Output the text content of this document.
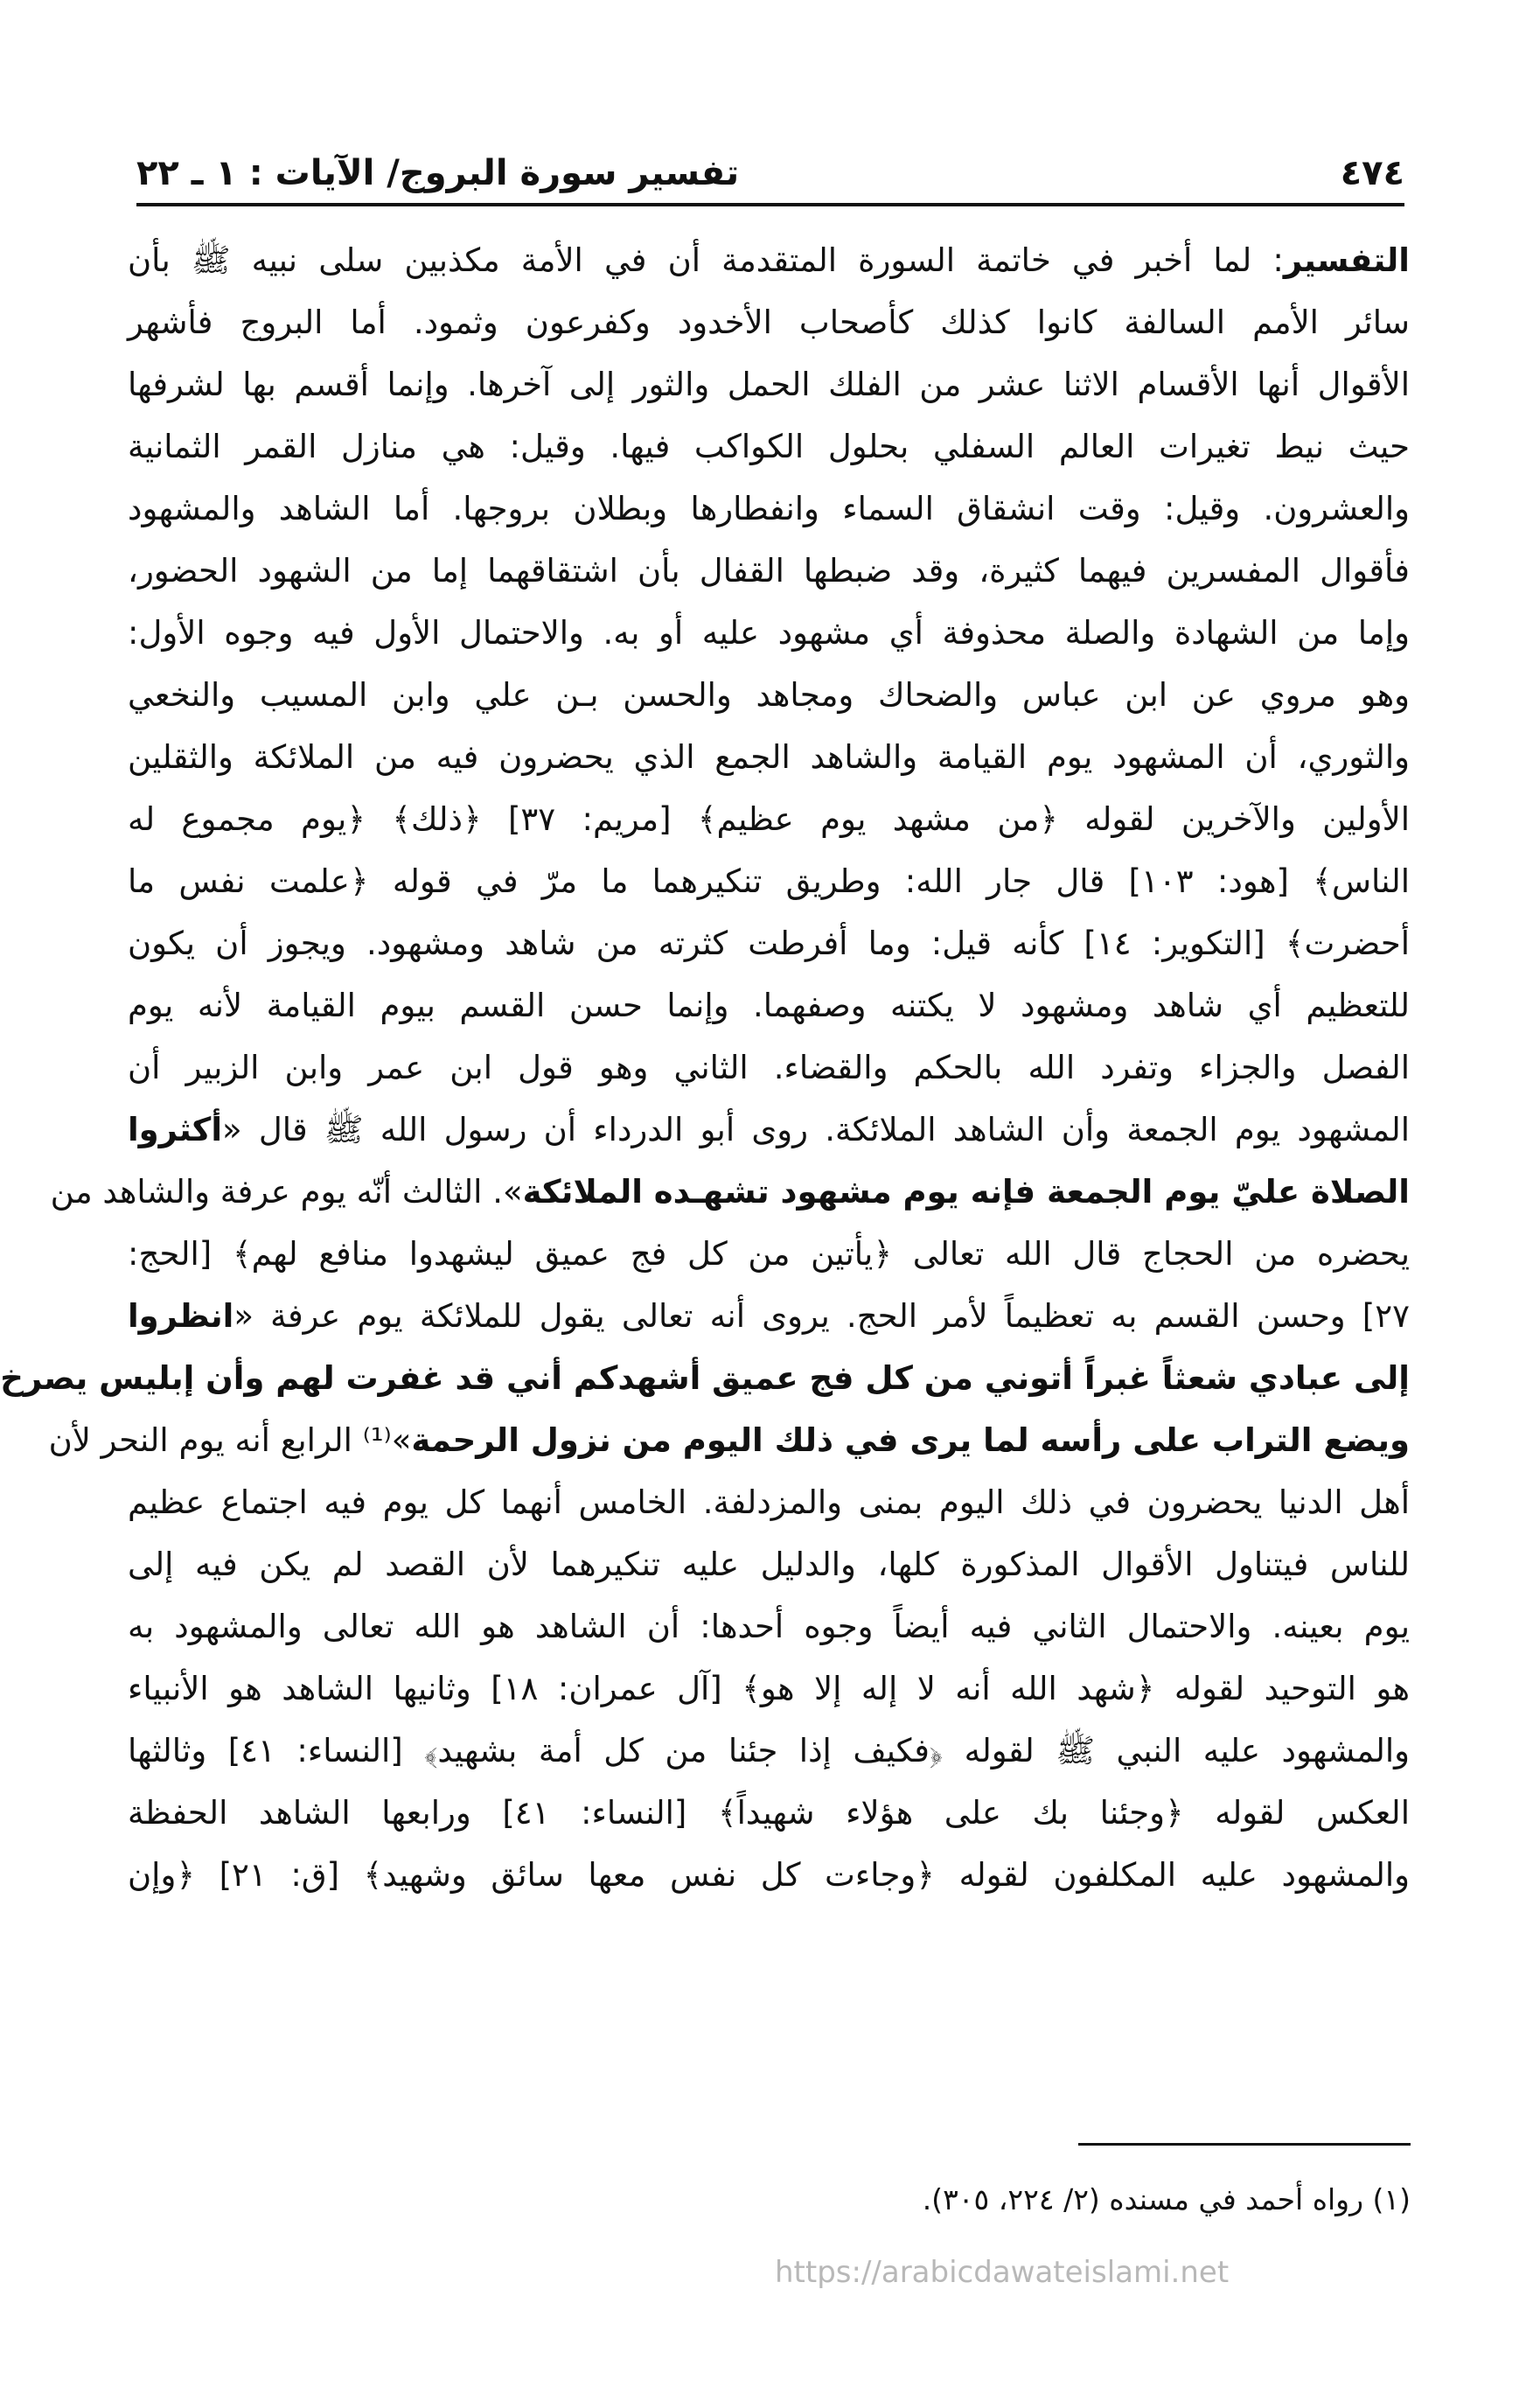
٤٧٤
تفسير سورة البروج/ الآيات : ١ ـ ٢٢
التفسير: لما أخبر في خاتمة السورة المتقدمة أن في الأمة مكذبين سلى نبيه ﷺ بأن
سائر الأمم السالفة كانوا كذلك كأصحاب الأخدود وكفرعون وثمود. أما البروج فأشهر
الأقوال أنها الأقسام الاثنا عشر من الفلك الحمل والثور إلى آخرها. وإنما أقسم بها لشرفها
حيث نيط تغيرات العالم السفلي بحلول الكواكب فيها. وقيل: هي منازل القمر الثمانية
والعشرون. وقيل: وقت انشقاق السماء وانفطارها وبطلان بروجها. أما الشاهد والمشهود
فأقوال المفسرين فيهما كثيرة، وقد ضبطها القفال بأن اشتقاقهما إما من الشهود الحضور،
وإما من الشهادة والصلة محذوفة أي مشهود عليه أو به. والاحتمال الأول فيه وجوه الأول:
وهو مروي عن ابن عباس والضحاك ومجاهد والحسن بـن علي وابن المسيب والنخعي
والثوري، أن المشهود يوم القيامة والشاهد الجمع الذي يحضرون فيه من الملائكة والثقلين
الأولين والآخرين لقوله ﴿من مشهد يوم عظيم﴾ [مريم: ٣٧] ﴿ذلك﴾ ﴿يوم مجموع له
الناس﴾ [هود: ١٠٣] قال جار الله: وطريق تنكيرهما ما مرّ في قوله ﴿علمت نفس ما
أحضرت﴾ [التكوير: ١٤] كأنه قيل: وما أفرطت كثرته من شاهد ومشهود. ويجوز أن يكون
للتعظيم أي شاهد ومشهود لا يكتنه وصفهما. وإنما حسن القسم بيوم القيامة لأنه يوم
الفصل والجزاء وتفرد الله بالحكم والقضاء. الثاني وهو قول ابن عمر وابن الزبير أن
المشهود يوم الجمعة وأن الشاهد الملائكة. روى أبو الدرداء أن رسول الله ﷺ قال «أكثروا
الصلاة عليّ يوم الجمعة فإنه يوم مشهود تشهـده الملائكة». الثالث أنّه يوم عرفة والشاهد من
يحضره من الحجاج قال الله تعالى ﴿يأتين من كل فج عميق ليشهدوا منافع لهم﴾ [الحج:
٢٧] وحسن القسم به تعظيماً لأمر الحج. يروى أنه تعالى يقول للملائكة يوم عرفة «انظروا
إلى عبادي شعثاً غبراً أتوني من كل فج عميق أشهدكم أني قد غفرت لهم وأن إبليس يصرخ
ويضع التراب على رأسه لما يرى في ذلك اليوم من نزول الرحمة»⁽¹⁾ الرابع أنه يوم النحر لأن
أهل الدنيا يحضرون في ذلك اليوم بمنى والمزدلفة. الخامس أنهما كل يوم فيه اجتماع عظيم
للناس فيتناول الأقوال المذكورة كلها، والدليل عليه تنكيرهما لأن القصد لم يكن فيه إلى
يوم بعينه. والاحتمال الثاني فيه أيضاً وجوه أحدها: أن الشاهد هو الله تعالى والمشهود به
هو التوحيد لقوله ﴿شهد الله أنه لا إله إلا هو﴾ [آل عمران: ١٨] وثانيها الشاهد هو الأنبياء
والمشهود عليه النبي ﷺ لقوله ﴿فكيف إذا جئنا من كل أمة بشهيد﴾ [النساء: ٤١] وثالثها
العكس لقوله ﴿وجئنا بك على هؤلاء شهيداً﴾ [النساء: ٤١] ورابعها الشاهد الحفظة
والمشهود عليه المكلفون لقوله ﴿وجاءت كل نفس معها سائق وشهيد﴾ [ق: ٢١] ﴿وإن
(١) رواه أحمد في مسنده (٢/ ٢٢٤، ٣٠٥).
https://arabicdawateislami.net
